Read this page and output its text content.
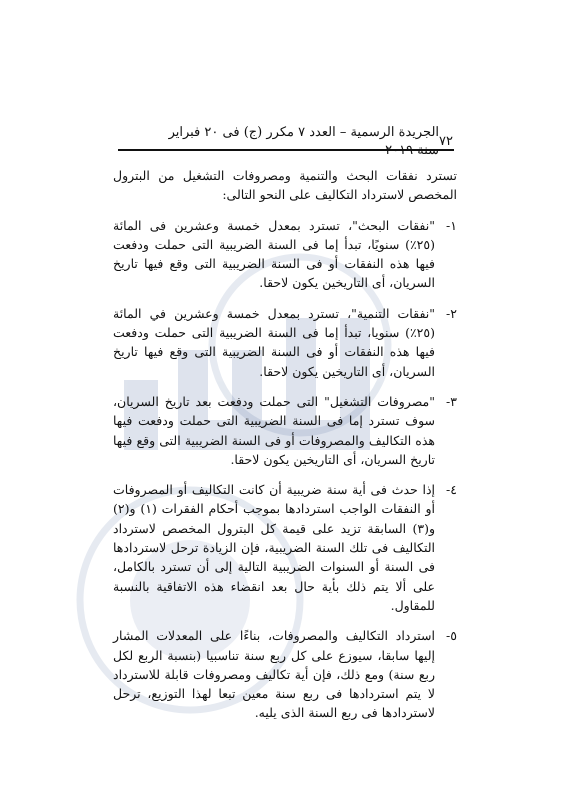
٧٢
الجريدة الرسمية – العدد ٧ مكرر (ج) فى ٢٠ فبراير سنة ٢٠١٩

تسترد نفقات البحث والتنمية ومصروفات التشغيل من البترول المخصص لاسترداد التكاليف على النحو التالى:

١-
"نفقات البحث"، تسترد بمعدل خمسة وعشرين فى المائة (٢٥٪) سنويًا، تبدأ إما فى السنة الضريبية التى حملت ودفعت فيها هذه النفقات أو فى السنة الضريبية التى وقع فيها تاريخ السريان، أى التاريخين يكون لاحقا.
٢-
"نفقات التنمية"، تسترد بمعدل خمسة وعشرين في المائة (٢٥٪) سنويا، تبدأ إما فى السنة الضريبية التى حملت ودفعت فيها هذه النفقات أو فى السنة الضريبية التى وقع فيها تاريخ السريان، أى التاريخين يكون لاحقا.
٣-
"مصروفات التشغيل" التى حملت ودفعت بعد تاريخ السريان، سوف تسترد إما فى السنة الضريبية التى حملت ودفعت فيها هذه التكاليف والمصروفات أو فى السنة الضريبية التى وقع فيها تاريخ السريان، أى التاريخين يكون لاحقا.
٤-
إذا حدث فى أية سنة ضريبية أن كانت التكاليف أو المصروفات أو النفقات الواجب استردادها بموجب أحكام الفقرات (١) و(٢) و(٣) السابقة تزيد على قيمة كل البترول المخصص لاسترداد التكاليف فى تلك السنة الضريبية، فإن الزيادة ترحل لاستردادها فى السنة أو السنوات الضريبية التالية إلى أن تسترد بالكامل، على ألا يتم ذلك بأية حال بعد انقضاء هذه الاتفاقية بالنسبة للمقاول.
٥-
استرداد التكاليف والمصروفات، بناءًا على المعدلات المشار إليها سابقا، سيوزع على كل ربع سنة تناسبيا (بنسبة الربع لكل ربع سنة) ومع ذلك، فإن أية تكاليف ومصروفات قابلة للاسترداد لا يتم استردادها فى ربع سنة معين تبعا لهذا التوزيع، ترحل لاستردادها فى ربع السنة الذى يليه.
